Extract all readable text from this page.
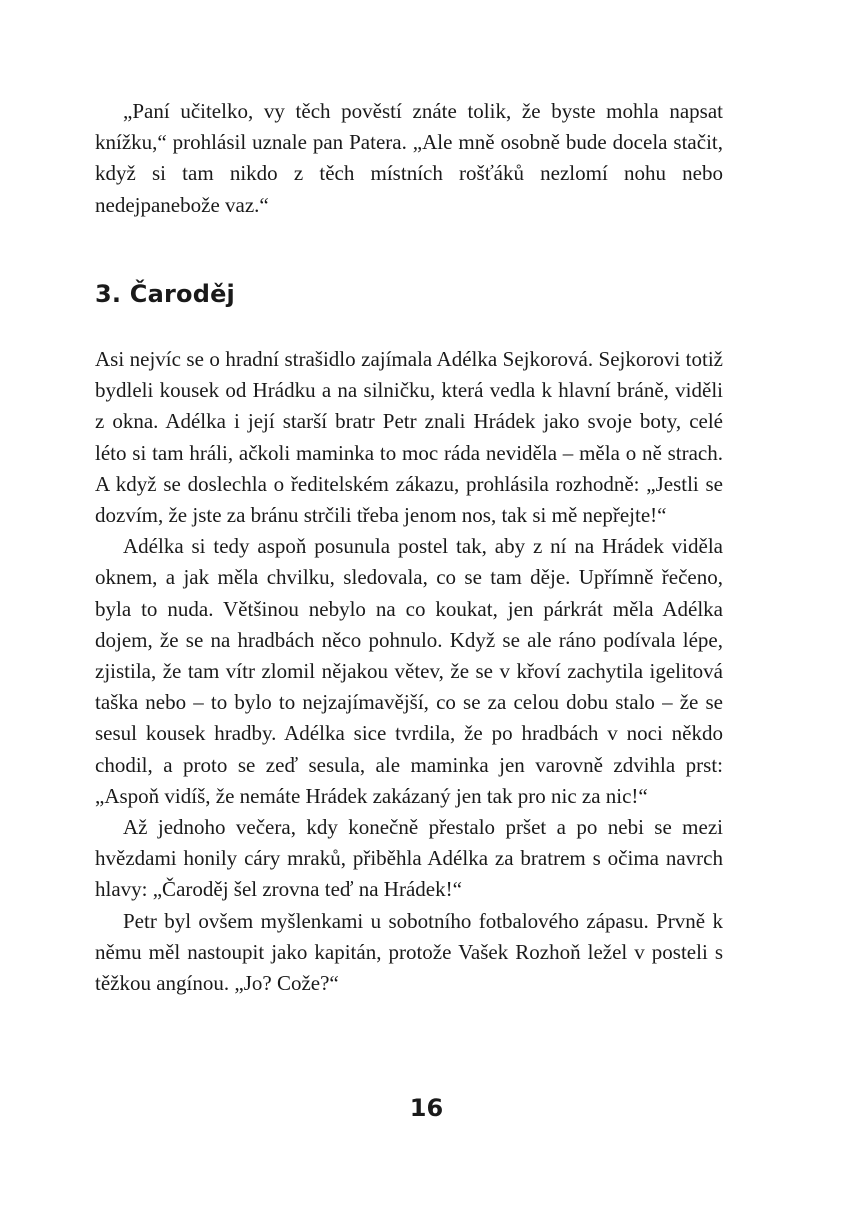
„Paní učitelko, vy těch pověstí znáte tolik, že byste mohla napsat knížku,“ prohlásil uznale pan Patera. „Ale mně osobně bude docela stačit, když si tam nikdo z těch místních rošťáků nezlomí nohu nebo nedejpanebože vaz.“

3. Čaroděj

Asi nejvíc se o hradní strašidlo zajímala Adélka Sejkorová. Sejkorovi totiž bydleli kousek od Hrádku a na silničku, která vedla k hlavní bráně, viděli z okna. Adélka i její starší bratr Petr znali Hrádek jako svoje boty, celé léto si tam hráli, ačkoli maminka to moc ráda neviděla – měla o ně strach. A když se doslechla o ředitelském zákazu, prohlásila rozhodně: „Jestli se dozvím, že jste za bránu strčili třeba jenom nos, tak si mě nepřejte!“

Adélka si tedy aspoň posunula postel tak, aby z ní na Hrádek viděla oknem, a jak měla chvilku, sledovala, co se tam děje. Upřímně řečeno, byla to nuda. Většinou nebylo na co koukat, jen párkrát měla Adélka dojem, že se na hradbách něco pohnulo. Když se ale ráno podívala lépe, zjistila, že tam vítr zlomil nějakou větev, že se v křoví zachytila igelitová taška nebo – to bylo to nejzajímavější, co se za celou dobu stalo – že se sesul kousek hradby. Adélka sice tvrdila, že po hradbách v noci někdo chodil, a proto se zeď sesula, ale maminka jen varovně zdvihla prst: „Aspoň vidíš, že nemáte Hrádek zakázaný jen tak pro nic za nic!“

Až jednoho večera, kdy konečně přestalo pršet a po nebi se mezi hvězdami honily cáry mraků, přiběhla Adélka za bratrem s očima navrch hlavy: „Čaroděj šel zrovna teď na Hrádek!“

Petr byl ovšem myšlenkami u sobotního fotbalového zápasu. Prvně k němu měl nastoupit jako kapitán, protože Vašek Rozhoň ležel v posteli s těžkou angínou. „Jo? Cože?“

16
